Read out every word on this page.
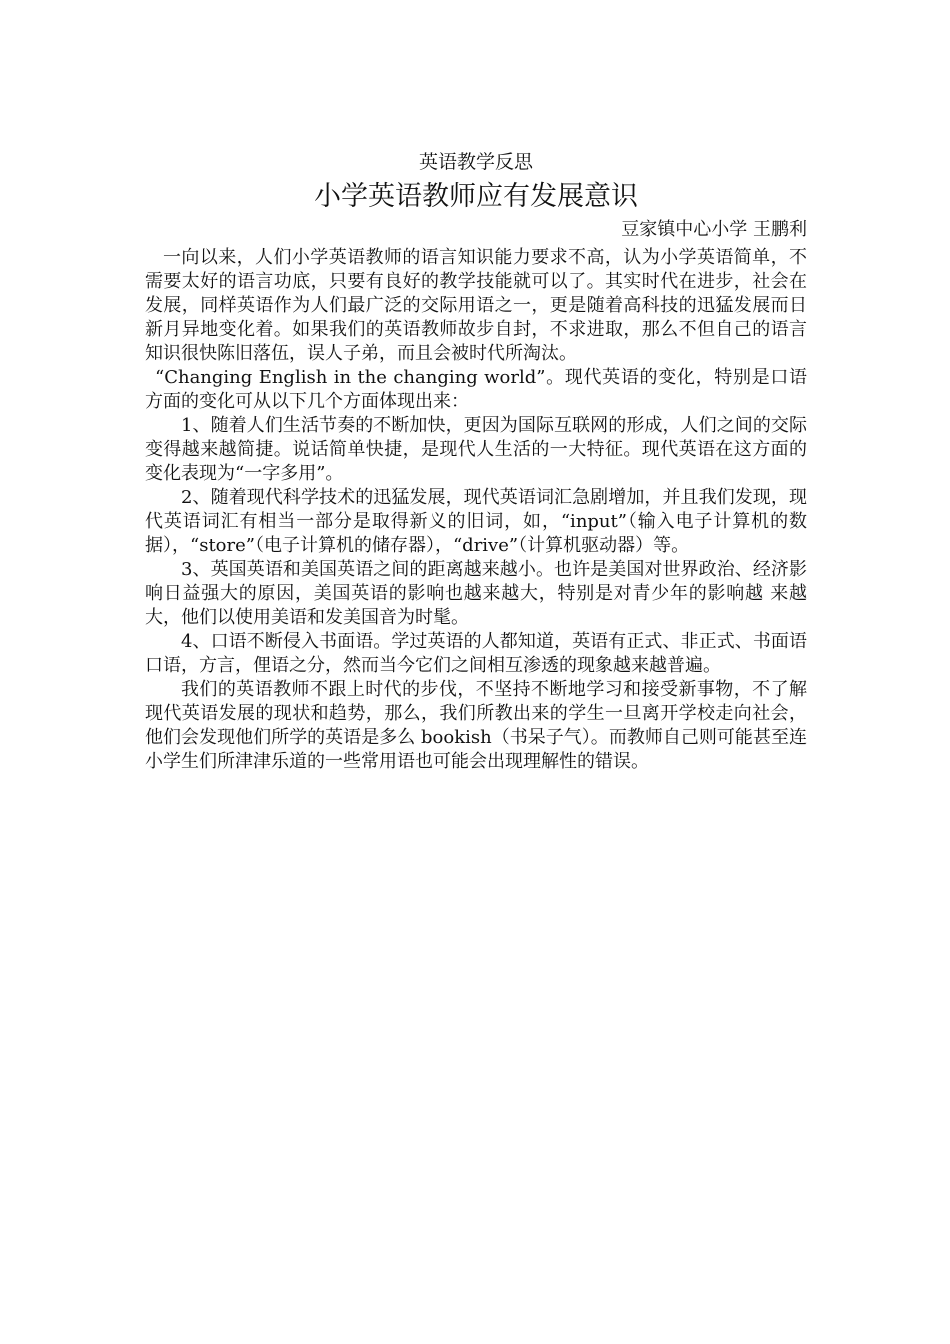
英语教学反思

小学英语教师应有发展意识

豆家镇中心小学 王鹏利

一向以来，人们小学英语教师的语言知识能力要求不高，认为小学英语简单，不需要太好的语言功底，只要有良好的教学技能就可以了。其实时代在进步，社会在发展，同样英语作为人们最广泛的交际用语之一，更是随着高科技的迅猛发展而日新月异地变化着。如果我们的英语教师故步自封，不求进取，那么不但自己的语言知识很快陈旧落伍，误人子弟，而且会被时代所淘汰。

“Changing English in the changing world”。现代英语的变化，特别是口语方面的变化可从以下几个方面体现出来：

1、随着人们生活节奏的不断加快，更因为国际互联网的形成，人们之间的交际变得越来越简捷。说话简单快捷，是现代人生活的一大特征。现代英语在这方面的变化表现为“一字多用”。

2、随着现代科学技术的迅猛发展，现代英语词汇急剧增加，并且我们发现，现代英语词汇有相当一部分是取得新义的旧词，如，“input”（输入电子计算机的数据），“store”（电子计算机的储存器），“drive”（计算机驱动器）等。

3、英国英语和美国英语之间的距离越来越小。也许是美国对世界政治、经济影响日益强大的原因，美国英语的影响也越来越大，特别是对青少年的影响越 来越大，他们以使用美语和发美国音为时髦。

4、口语不断侵入书面语。学过英语的人都知道，英语有正式、非正式、书面语口语，方言，俚语之分，然而当今它们之间相互渗透的现象越来越普遍。

我们的英语教师不跟上时代的步伐，不坚持不断地学习和接受新事物，不了解现代英语发展的现状和趋势，那么，我们所教出来的学生一旦离开学校走向社会，他们会发现他们所学的英语是多么 bookish（书呆子气）。而教师自己则可能甚至连小学生们所津津乐道的一些常用语也可能会出现理解性的错误。
